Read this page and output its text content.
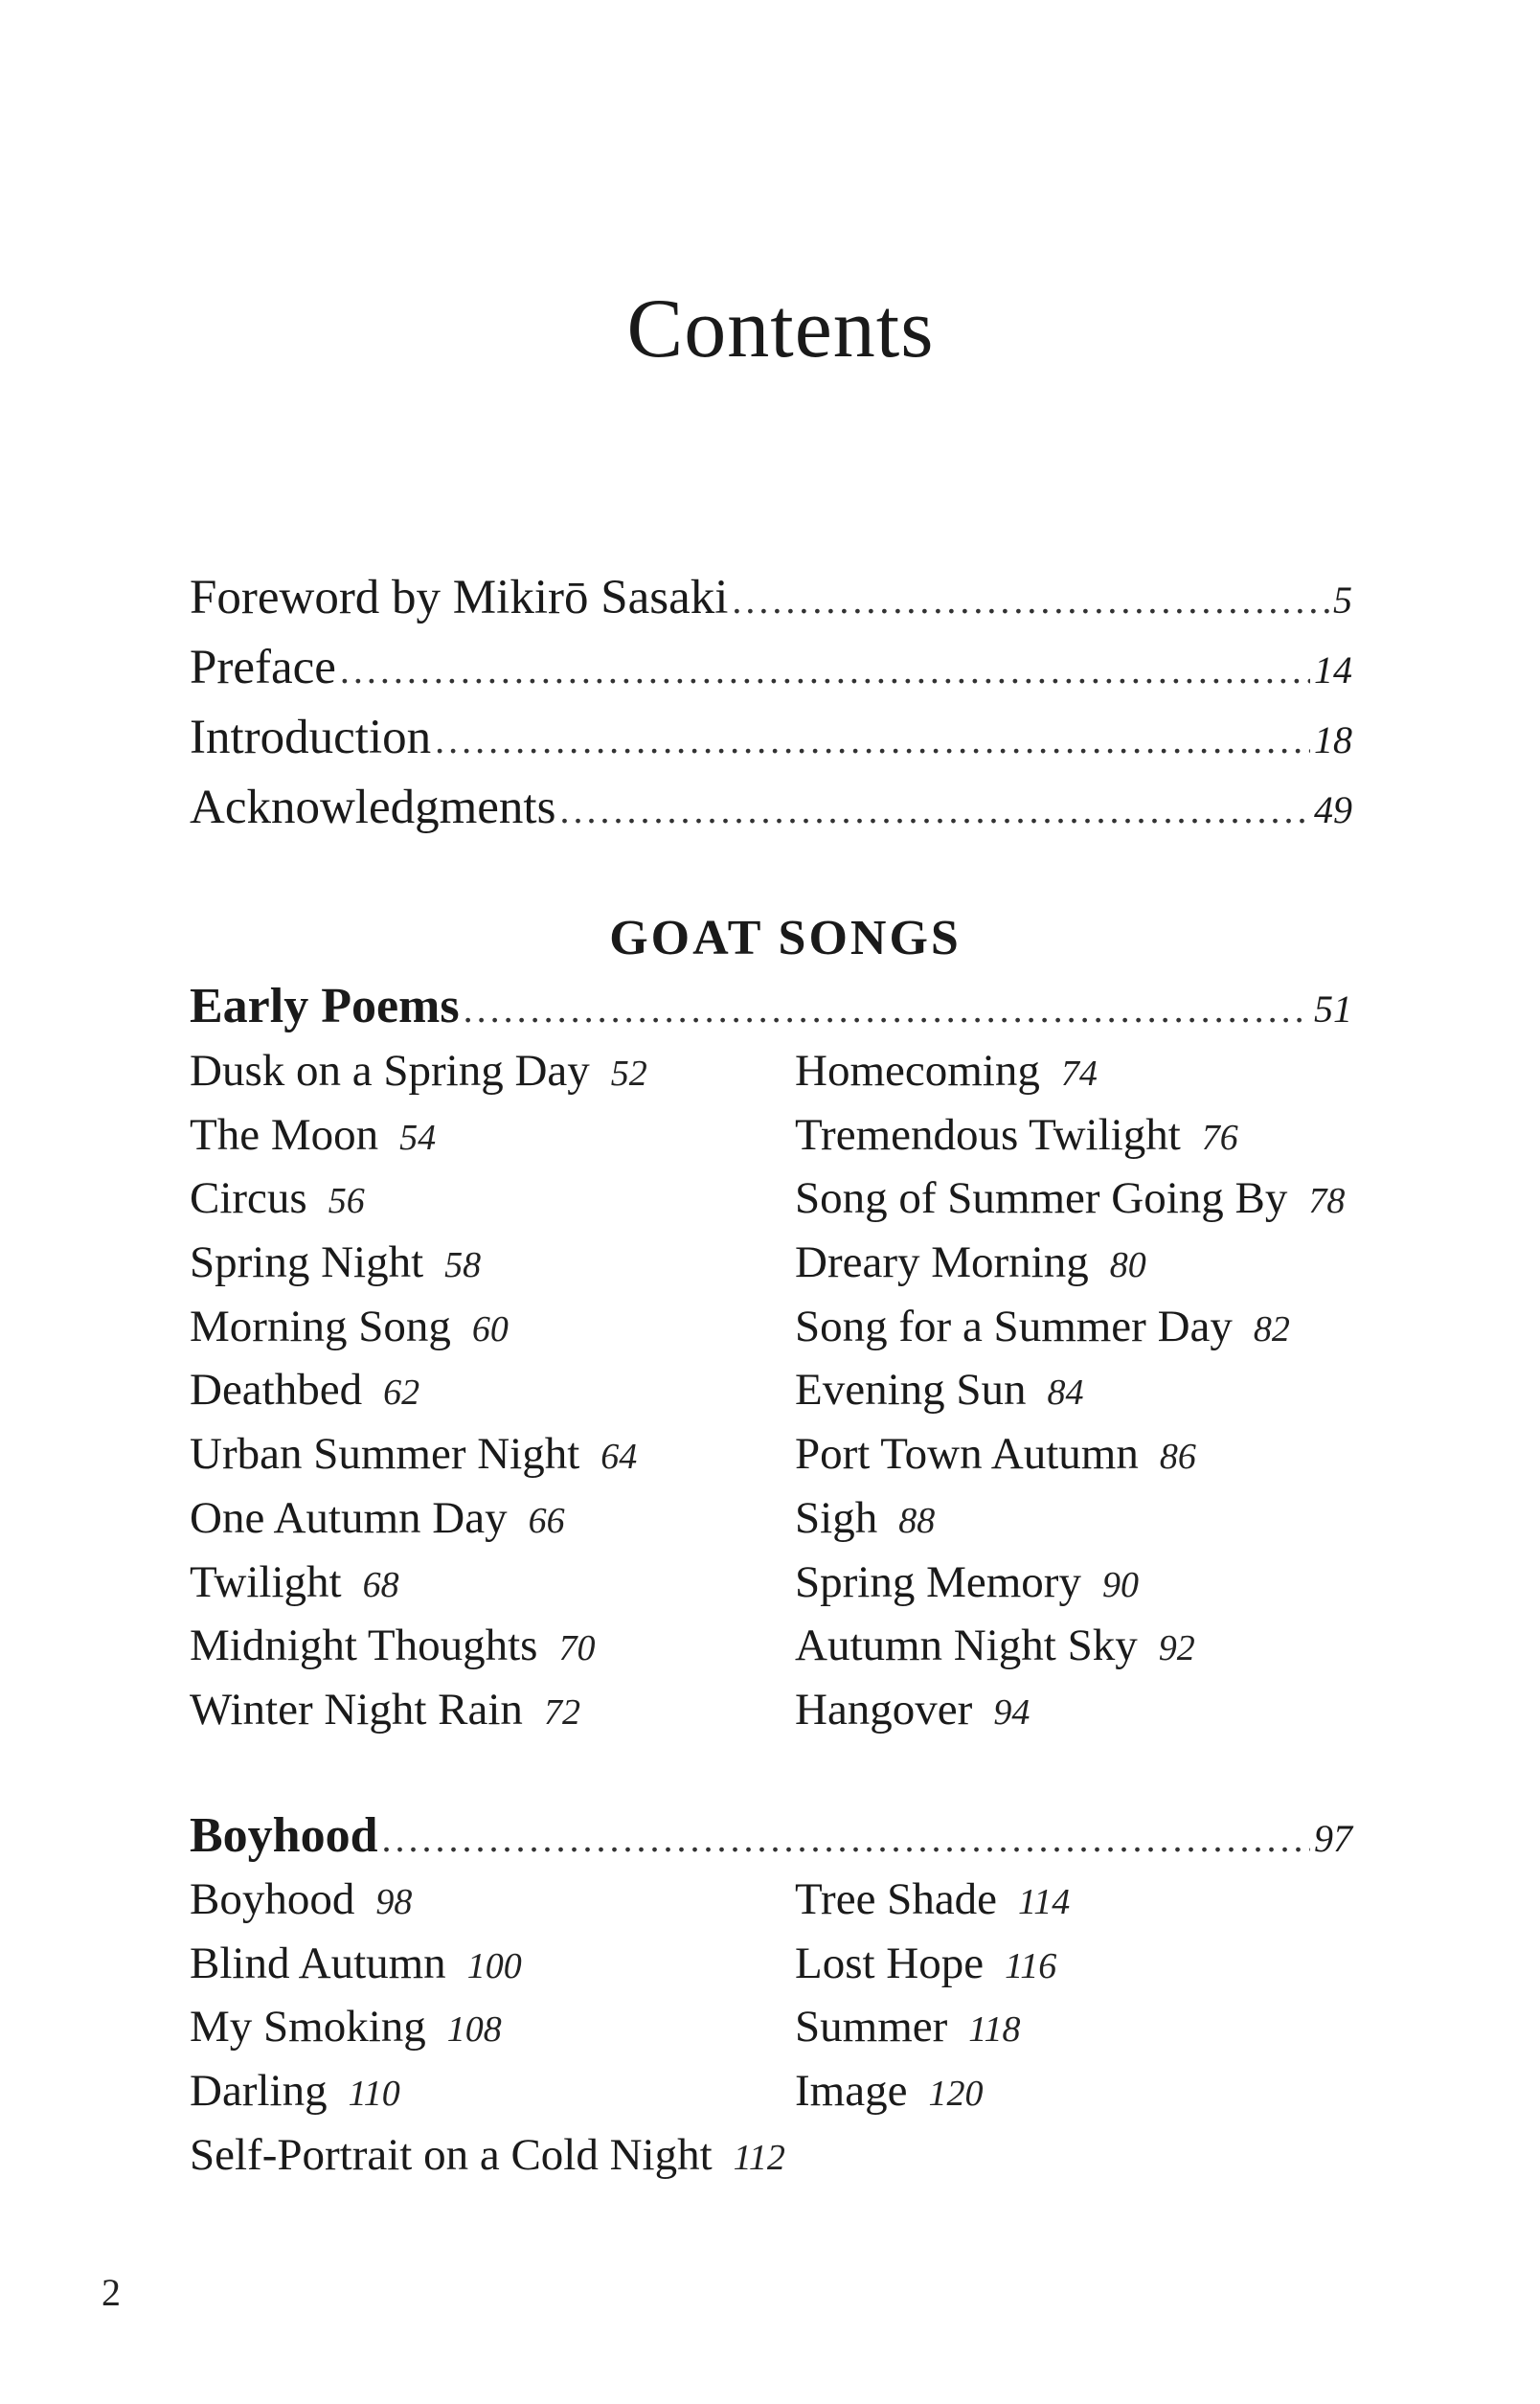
Contents
Foreword by Mikirō Sasaki .....	5
Preface .....	14
Introduction .....	18
Acknowledgments .....	49
GOAT SONGS
Early Poems .....	51
Dusk on a Spring Day 52
The Moon 54
Circus 56
Spring Night 58
Morning Song 60
Deathbed 62
Urban Summer Night 64
One Autumn Day 66
Twilight 68
Midnight Thoughts 70
Winter Night Rain 72
Homecoming 74
Tremendous Twilight 76
Song of Summer Going By 78
Dreary Morning 80
Song for a Summer Day 82
Evening Sun 84
Port Town Autumn 86
Sigh 88
Spring Memory 90
Autumn Night Sky 92
Hangover 94
Boyhood .....	97
Boyhood 98
Blind Autumn 100
My Smoking 108
Darling 110
Self-Portrait on a Cold Night 112
Tree Shade 114
Lost Hope 116
Summer 118
Image 120
2
